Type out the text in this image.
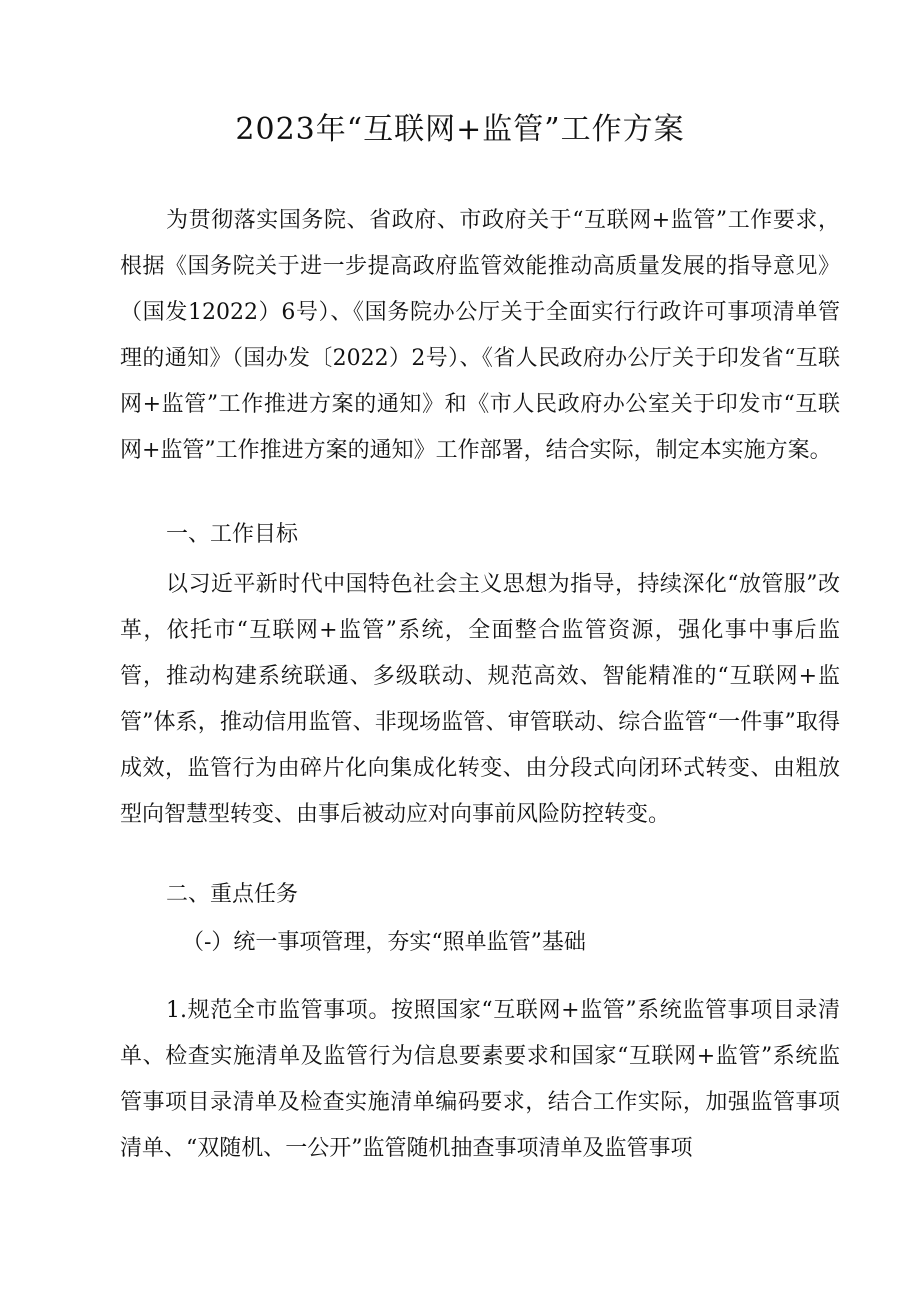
2023年“互联网+监管”工作方案

为贯彻落实国务院、省政府、市政府关于“互联网+监管”工作要求，根据《国务院关于进一步提高政府监管效能推动高质量发展的指导意见》（国发12022）6号）、《国务院办公厅关于全面实行行政许可事项清单管理的通知》（国办发〔2022）2号）、《省人民政府办公厅关于印发省“互联网+监管”工作推进方案的通知》和《市人民政府办公室关于印发市“互联网+监管”工作推进方案的通知》工作部署，结合实际，制定本实施方案。

一、工作目标

以习近平新时代中国特色社会主义思想为指导，持续深化“放管服”改革，依托市“互联网+监管”系统，全面整合监管资源，强化事中事后监管，推动构建系统联通、多级联动、规范高效、智能精准的“互联网+监管”体系，推动信用监管、非现场监管、审管联动、综合监管“一件事”取得成效，监管行为由碎片化向集成化转变、由分段式向闭环式转变、由粗放型向智慧型转变、由事后被动应对向事前风险防控转变。

二、重点任务

（-）统一事项管理，夯实“照单监管”基础

1.规范全市监管事项。按照国家“互联网+监管”系统监管事项目录清单、检查实施清单及监管行为信息要素要求和国家“互联网+监管”系统监管事项目录清单及检查实施清单编码要求，结合工作实际，加强监管事项清单、“双随机、一公开”监管随机抽查事项清单及监管事项
